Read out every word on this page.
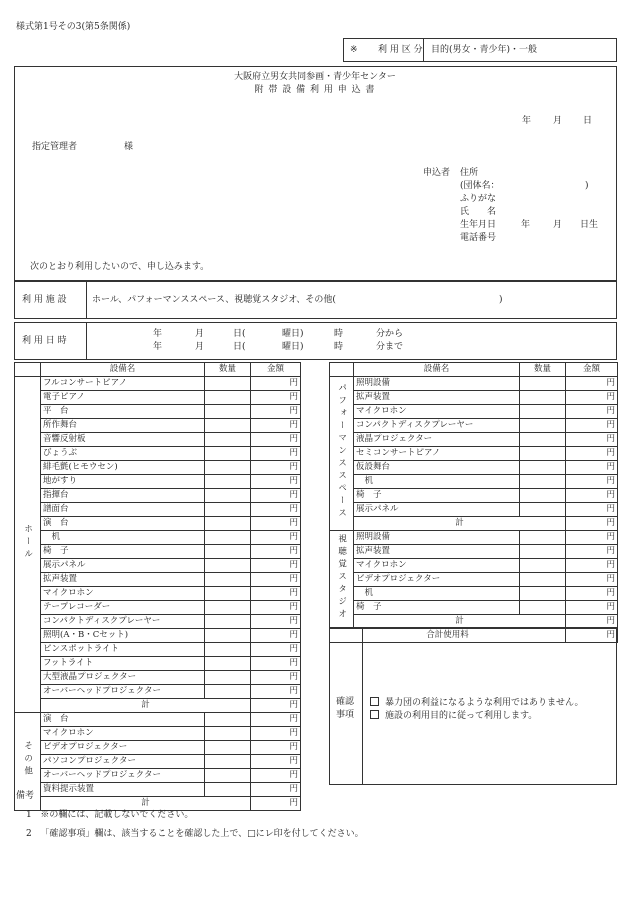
様式第1号その3(第5条関係)
※ 利 用 区 分 目的(男女・青少年)・一般
大阪府立男女共同参画・青少年センター
附 帯 設 備 利 用 申 込 書
年 月 日
指定管理者	様
申込者 住所
(団体名：	)
ふりがな
氏　　名
生年月日	年	月 日生
電話番号
次のとおり利用したいので、申し込みます。
利 用 施 設	ホール、パフォーマンススペース、視聴覚スタジオ、その他(	)
利 用 日 時
年	月	日(	曜日)	時	分から
年	月	日(	曜日)	時	分まで
	設備名	数量	金額
ホール	フルコンサートピアノ		円
	電子ピアノ		円
	平　台		円
	所作舞台		円
	音響反射板		円
	びょうぶ		円
	緋毛氈(ヒモウセン)		円
	地がすり		円
	指揮台		円
	譜面台		円
	演　台		円
	　机		円
	椅　子		円
	展示パネル		円
	拡声装置		円
	マイクロホン		円
	テープレコーダー		円
	コンパクトディスクプレーヤー		円
	照明(A・B・Cセット)		円
	ピンスポットライト		円
	フットライト		円
	大型液晶プロジェクター		円
	オーバーヘッドプロジェクター		円
	計		円
その他	演　台		円
	マイクロホン		円
	ビデオプロジェクター		円
	パソコンプロジェクター		円
	オーバーヘッドプロジェクター		円
	資料提示装置		円
	計		円
	設備名	数量	金額
パフォーマンススペース	照明設備		円
	拡声装置		円
	マイクロホン		円
	コンパクトディスクプレーヤー		円
	液晶プロジェクター		円
	セミコンサートピアノ		円
	仮設舞台		円
	　机		円
	椅　子		円
	展示パネル		円
	計		円
視聴覚スタジオ	照明設備		円
	拡声装置		円
	マイクロホン		円
	ビデオプロジェクター		円
	　机		円
	椅　子		円
	計		円
合計使用料			円
確認
事項
暴力団の利益になるような利用ではありません。
施設の利用目的に従って利用します。
備考
1 ※の欄には、記載しないでください。
2 「確認事項」欄は、該当することを確認した上で、□にレ印を付してください。
